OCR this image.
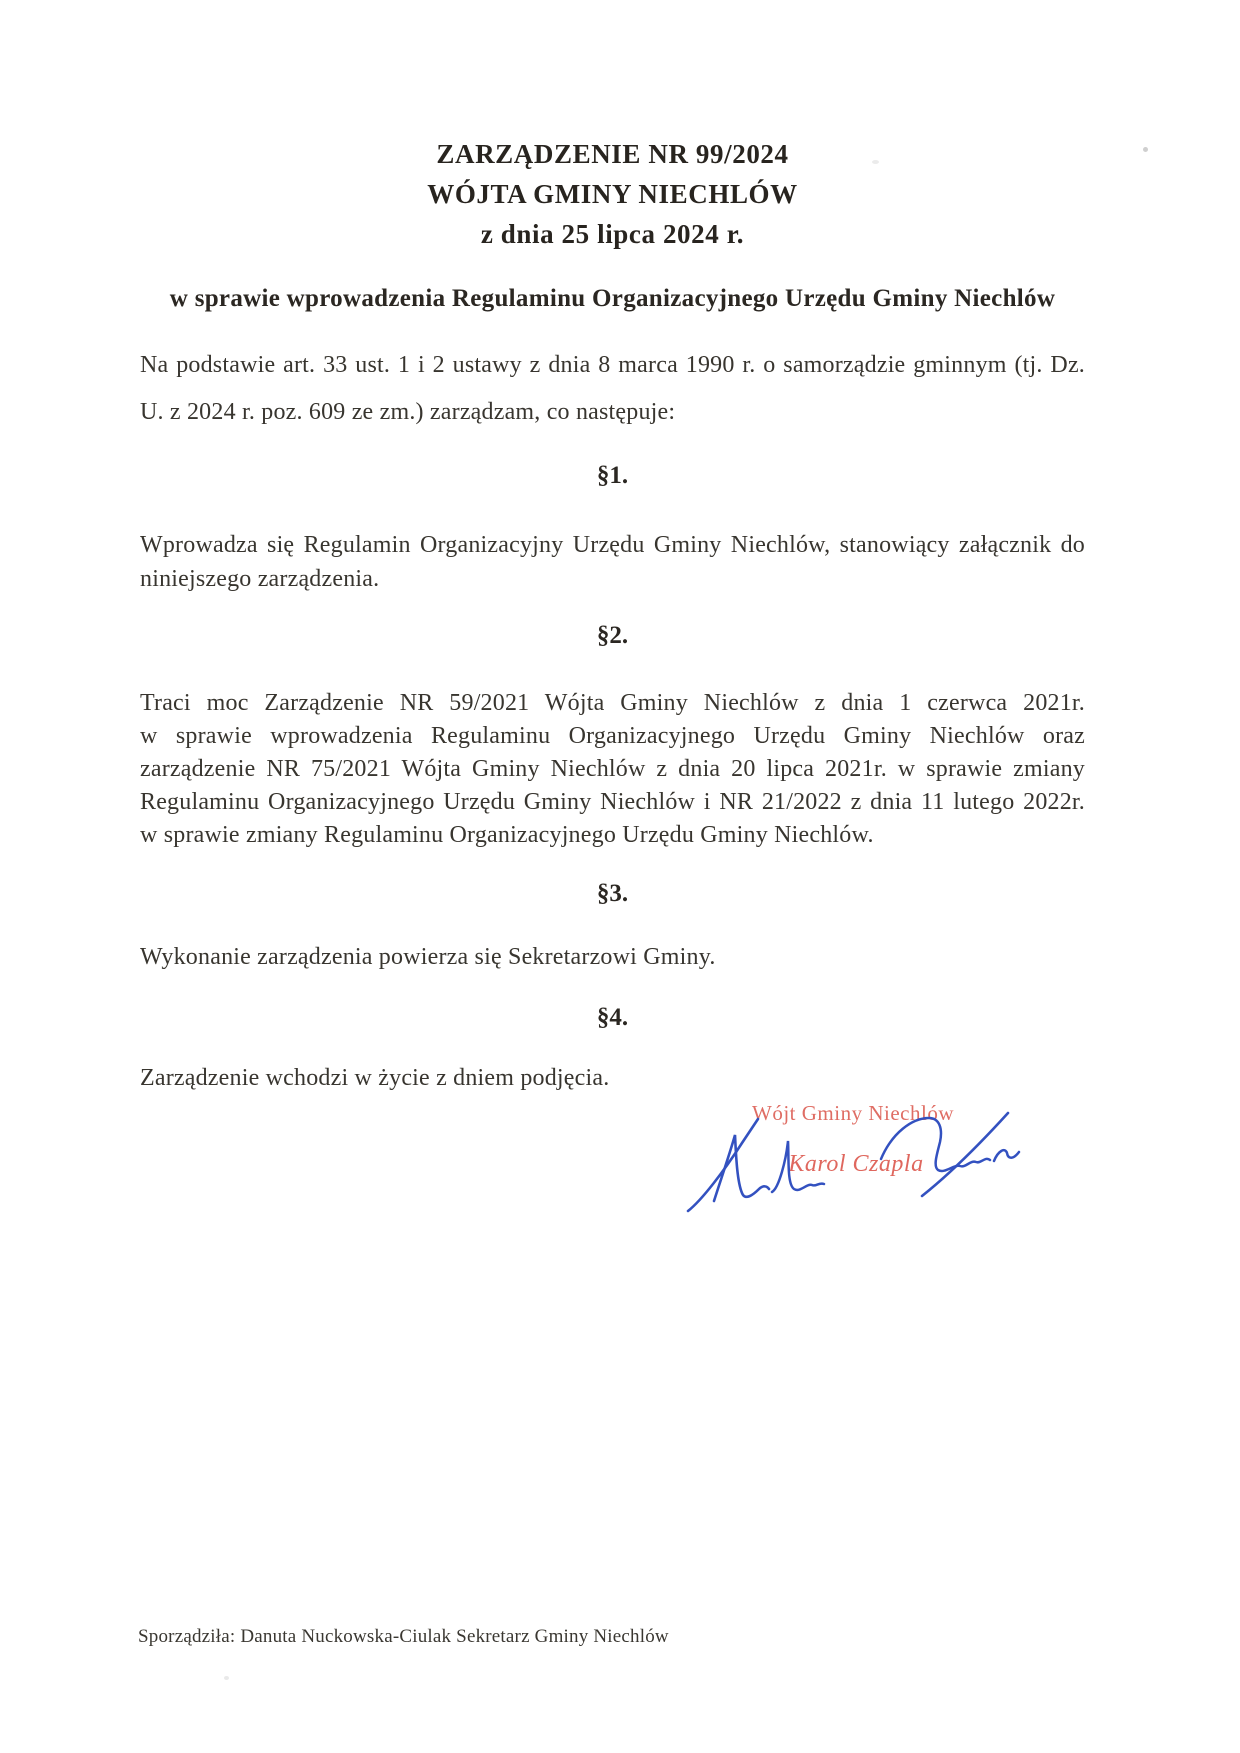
ZARZĄDZENIE NR 99/2024
WÓJTA GMINY NIECHLÓW
z dnia 25 lipca 2024 r.
w sprawie wprowadzenia Regulaminu Organizacyjnego Urzędu Gminy Niechlów
Na podstawie art. 33 ust. 1 i 2 ustawy z dnia 8 marca 1990 r. o samorządzie gminnym (tj. Dz.
U. z 2024 r. poz. 609 ze zm.) zarządzam, co następuje:
§1.
Wprowadza się Regulamin Organizacyjny Urzędu Gminy Niechlów, stanowiący załącznik do
niniejszego zarządzenia.
§2.
Traci moc Zarządzenie NR 59/2021 Wójta Gminy Niechlów z dnia 1 czerwca 2021r.
w sprawie wprowadzenia Regulaminu Organizacyjnego Urzędu Gminy Niechlów oraz
zarządzenie NR 75/2021 Wójta Gminy Niechlów z dnia 20 lipca 2021r. w sprawie zmiany
Regulaminu Organizacyjnego Urzędu Gminy Niechlów i NR 21/2022 z dnia 11 lutego 2022r.
w sprawie zmiany Regulaminu Organizacyjnego Urzędu Gminy Niechlów.
§3.
Wykonanie zarządzenia powierza się Sekretarzowi Gminy.
§4.
Zarządzenie wchodzi w życie z dniem podjęcia.
Wójt Gminy Niechlów
Karol Czapla
Sporządziła: Danuta Nuckowska-Ciulak Sekretarz Gminy Niechlów
